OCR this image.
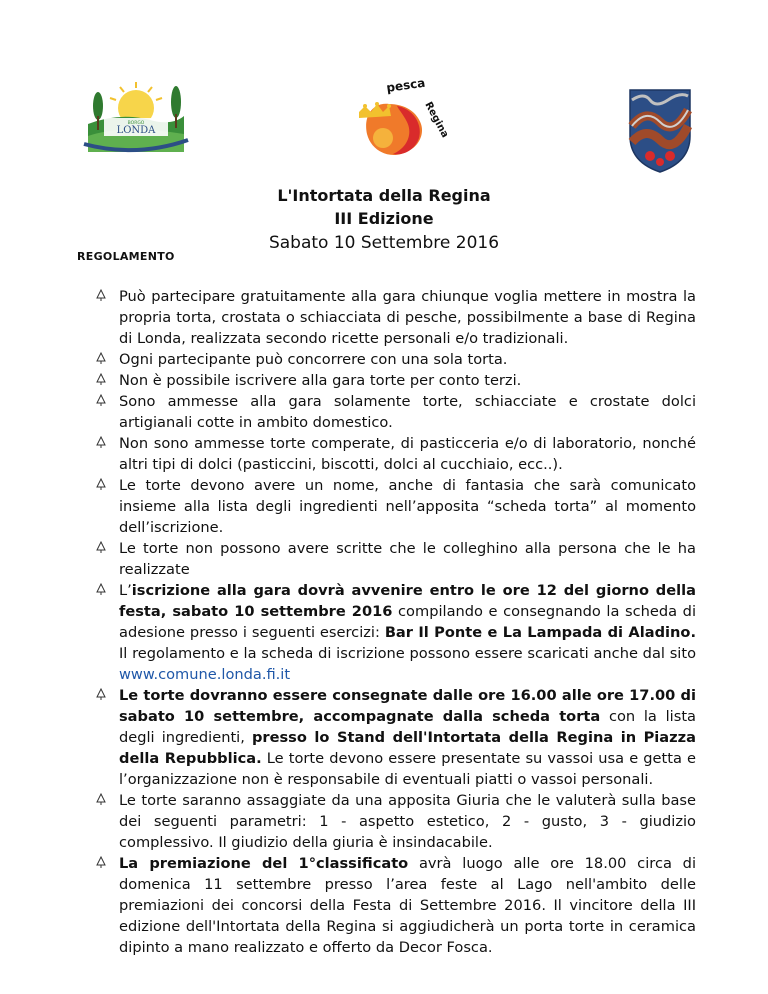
BORGO
LONDA
pesca
Regina
L'Intortata della Regina
III Edizione
Sabato 10 Settembre 2016
REGOLAMENTO
Può partecipare gratuitamente alla gara chiunque voglia mettere in mostra la propria torta, crostata o schiacciata di pesche, possibilmente a base di Regina di Londa, realizzata secondo ricette personali e/o tradizionali.
Ogni partecipante può concorrere con una sola torta.
Non è possibile iscrivere alla gara torte per conto terzi.
Sono ammesse alla gara solamente torte, schiacciate e crostate dolci artigianali cotte in ambito domestico.
Non sono ammesse torte comperate, di pasticceria e/o di laboratorio, nonché altri tipi di dolci (pasticcini, biscotti, dolci al cucchiaio, ecc..).
Le torte devono avere un nome, anche di fantasia che sarà comunicato insieme alla lista degli ingredienti nell’apposita “scheda torta” al momento dell’iscrizione.
Le torte non possono avere scritte che le colleghino alla persona che le ha realizzate
L’iscrizione alla gara dovrà avvenire entro le ore 12 del giorno della festa, sabato 10 settembre 2016 compilando e consegnando la scheda di adesione presso i seguenti esercizi: Bar Il Ponte e La Lampada di Aladino. Il regolamento e la scheda di iscrizione possono essere scaricati anche dal sito www.comune.londa.fi.it
Le torte dovranno essere consegnate dalle ore 16.00 alle ore 17.00 di sabato 10 settembre, accompagnate dalla scheda torta con la lista degli ingredienti, presso lo Stand dell'Intortata della Regina in Piazza della Repubblica. Le torte devono essere presentate su vassoi usa e getta e l’organizzazione non è responsabile di eventuali piatti o vassoi personali.
Le torte saranno assaggiate da una apposita Giuria che le valuterà sulla base dei seguenti parametri: 1 - aspetto estetico, 2 - gusto, 3 - giudizio complessivo. Il giudizio della giuria è insindacabile.
La premiazione del 1°classificato avrà luogo alle ore 18.00 circa di domenica 11 settembre presso l’area feste al Lago nell'ambito delle premiazioni dei concorsi della Festa di Settembre 2016. Il vincitore della III edizione dell'Intortata della Regina si aggiudicherà un porta torte in ceramica dipinto a mano realizzato e offerto da Decor Fosca.
